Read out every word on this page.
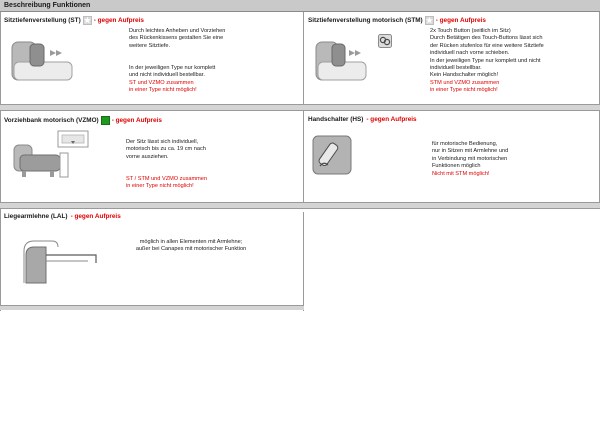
Beschreibung Funktionen
Sitztiefenverstellung (ST) ★ - gegen Aufpreis
Durch leichtes Anheben und Vorziehen
des Rückenkissens gestalten Sie eine
weitere Sitztiefe.

In der jeweiligen Type nur komplett
und nicht individuell bestellbar.
ST und VZMO zusammen
in einer Type nicht möglich!
Sitztiefenverstellung motorisch (STM) ★ - gegen Aufpreis
2x Touch Button (seitlich im Sitz)
Durch Betätigen des Touch-Buttons lässt sich
der Rücken stufenlos für eine weitere Sitztiefe
individuell nach vorne schieben.
In der jeweiligen Type nur komplett und nicht
individuell bestellbar.
Kein Handschalter möglich!
STM und VZMO zusammen
in einer Type nicht möglich!
Vorziehbank motorisch (VZMO) - gegen Aufpreis
Der Sitz lässt sich individuell,
motorisch bis zu ca. 19 cm nach
vorne ausziehen.

ST / STM und VZMO zusammen
in einer Type nicht möglich!
Handschalter (HS) - gegen Aufpreis
für motorische Bedienung,
nur in Sitzen mit Armlehne und
in Verbindung mit motorischen
Funktionen möglich
Nicht mit STM möglich!
Liegearmlehne (LAL) - gegen Aufpreis
möglich in allen Elementen mit Armlehne;
außer bei Canapes mit motorischer Funktion
